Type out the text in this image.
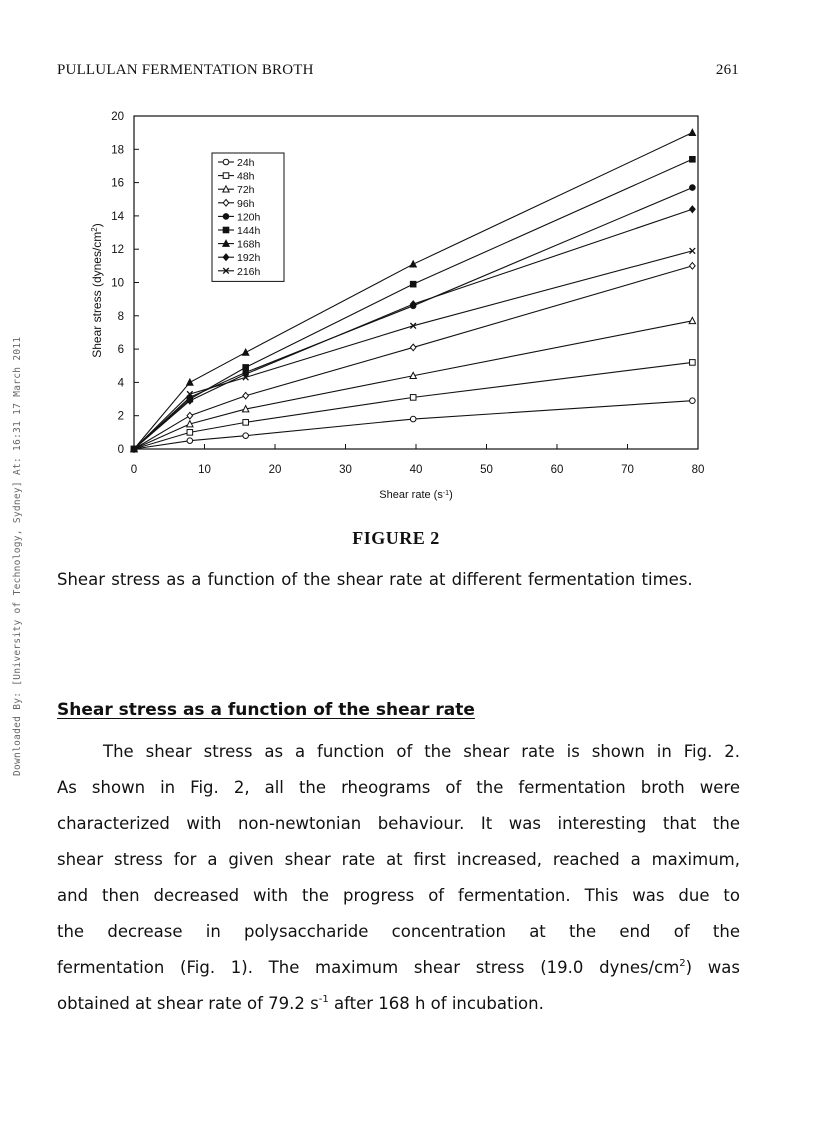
PULLULAN FERMENTATION BROTH	261
Downloaded By: [University of Technology, Sydney] At: 16:31 17 March 2011	0	10	20	30	40	50	60	70	80
0
2
4
6
8
10
12
14
16
18
20
Shear rate $(s^{-1})$
Shear stress $(dynes/cm^2)$
24h
48h
72h
96h
120h
144h
168h
192h
216h
FIGURE 2
Shear stress as a function of the shear rate at different fermentation times.
Shear stress as a function of the shear rate
The shear stress as a function of the shear rate is shown in Fig. 2.
As shown in Fig. 2, all the rheograms of the fermentation broth were
characterized with non-newtonian behaviour. It was interesting that the
shear stress for a given shear rate at first increased, reached a maximum,
and then decreased with the progress of fermentation. This was due to
the decrease in polysaccharide concentration at the end of the
fermentation (Fig. 1). The maximum shear stress (19.0 dynes/$cm^2$) was
obtained at shear rate of 79.2 $s^{-1}$ after 168 h of incubation.
